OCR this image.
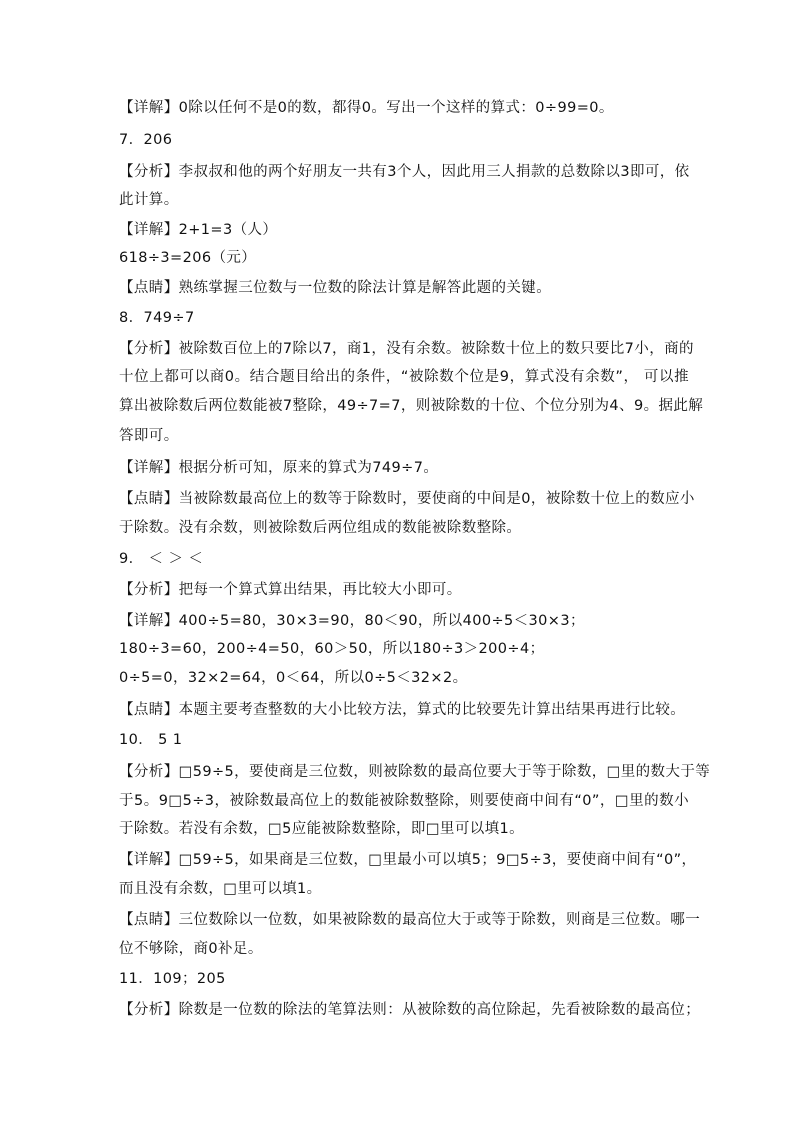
【详解】0除以任何不是0的数，都得0。写出一个这样的算式：0÷99=0。
7．206
【分析】李叔叔和他的两个好朋友一共有3个人，因此用三人捐款的总数除以3即可，依
此计算。
【详解】2+1=3（人）
618÷3=206（元）
【点睛】熟练掌握三位数与一位数的除法计算是解答此题的关键。
8．749÷7
【分析】被除数百位上的7除以7，商1，没有余数。被除数十位上的数只要比7小，商的
十位上都可以商0。结合题目给出的条件，“被除数个位是9，算式没有余数”， 可以推
算出被除数后两位数能被7整除，49÷7=7，则被除数的十位、个位分别为4、9。据此解
答即可。
【详解】根据分析可知，原来的算式为749÷7。
【点睛】当被除数最高位上的数等于除数时，要使商的中间是0，被除数十位上的数应小
于除数。没有余数，则被除数后两位组成的数能被除数整除。
9． ＜ ＞ ＜
【分析】把每一个算式算出结果，再比较大小即可。
【详解】400÷5=80，30×3=90，80＜90，所以400÷5＜30×3；
180÷3=60，200÷4=50，60＞50，所以180÷3＞200÷4；
0÷5=0，32×2=64，0＜64，所以0÷5＜32×2。
【点睛】本题主要考查整数的大小比较方法，算式的比较要先计算出结果再进行比较。
10． 5 1
【分析】□59÷5，要使商是三位数，则被除数的最高位要大于等于除数，□里的数大于等
于5。9□5÷3，被除数最高位上的数能被除数整除，则要使商中间有“0”，□里的数小
于除数。若没有余数，□5应能被除数整除，即□里可以填1。
【详解】□59÷5，如果商是三位数，□里最小可以填5；9□5÷3，要使商中间有“0”，
而且没有余数，□里可以填1。
【点睛】三位数除以一位数，如果被除数的最高位大于或等于除数，则商是三位数。哪一
位不够除，商0补足。
11．109；205
【分析】除数是一位数的除法的笔算法则：从被除数的高位除起，先看被除数的最高位；
